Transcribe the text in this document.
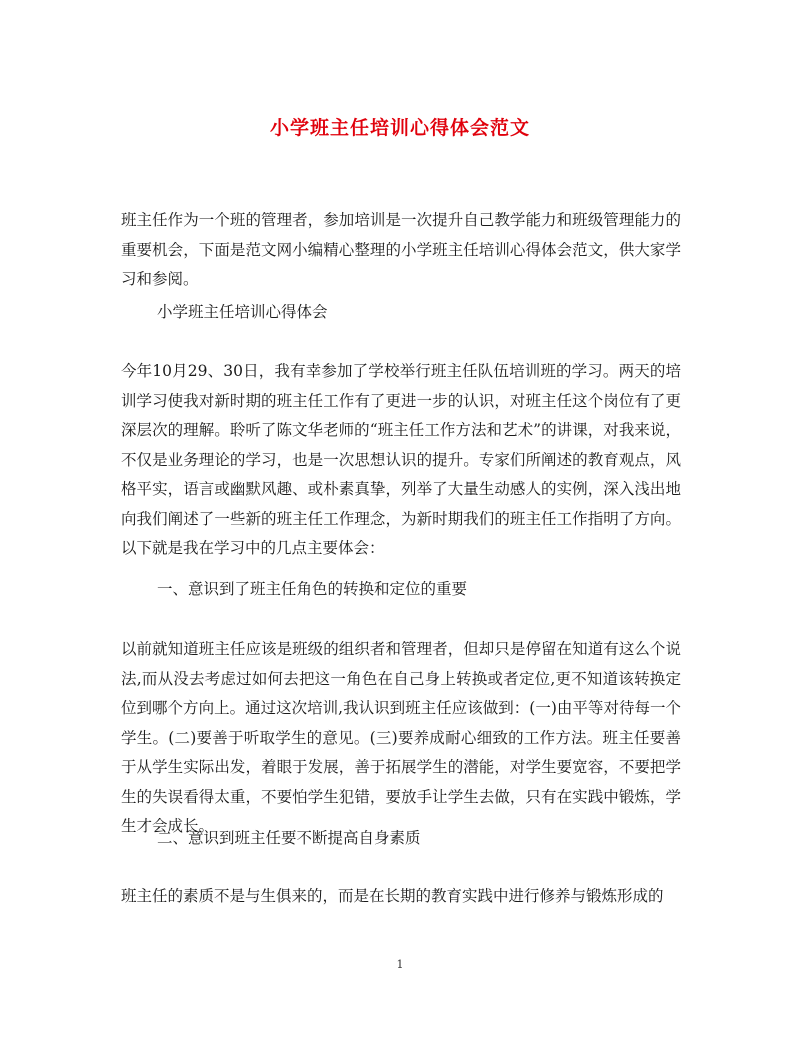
小学班主任培训心得体会范文

班主任作为一个班的管理者，参加培训是一次提升自己教学能力和班级管理能力的重要机会，下面是范文网小编精心整理的小学班主任培训心得体会范文，供大家学习和参阅。

小学班主任培训心得体会

今年10月29、30日，我有幸参加了学校举行班主任队伍培训班的学习。两天的培训学习使我对新时期的班主任工作有了更进一步的认识，对班主任这个岗位有了更深层次的理解。聆听了陈文华老师的“班主任工作方法和艺术”的讲课，对我来说，不仅是业务理论的学习，也是一次思想认识的提升。专家们所阐述的教育观点，风格平实，语言或幽默风趣、或朴素真挚，列举了大量生动感人的实例，深入浅出地向我们阐述了一些新的班主任工作理念，为新时期我们的班主任工作指明了方向。以下就是我在学习中的几点主要体会：

一、意识到了班主任角色的转换和定位的重要

以前就知道班主任应该是班级的组织者和管理者，但却只是停留在知道有这么个说法,而从没去考虑过如何去把这一角色在自己身上转换或者定位,更不知道该转换定位到哪个方向上。通过这次培训,我认识到班主任应该做到：(一)由平等对待每一个学生。(二)要善于听取学生的意见。(三)要养成耐心细致的工作方法。班主任要善于从学生实际出发，着眼于发展，善于拓展学生的潜能，对学生要宽容，不要把学生的失误看得太重，不要怕学生犯错，要放手让学生去做，只有在实践中锻炼，学生才会成长。

二、意识到班主任要不断提高自身素质

班主任的素质不是与生俱来的，而是在长期的教育实践中进行修养与锻炼形成的

1
